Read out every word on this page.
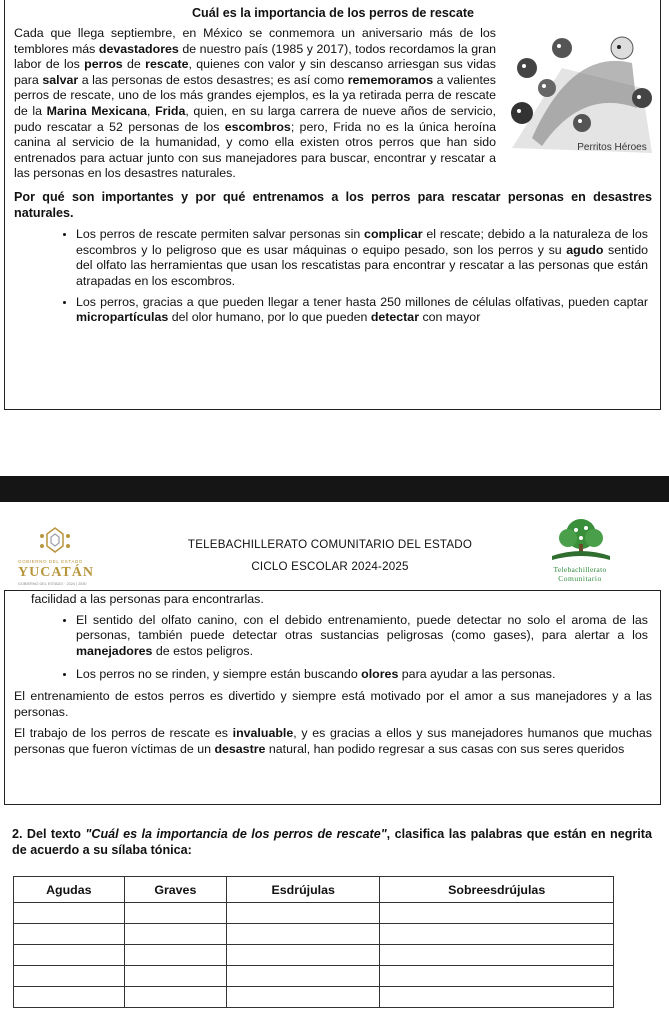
Cuál es la importancia de los perros de rescate
Perritos Héroes

Cada que llega septiembre, en México se conmemora un aniversario más de los temblores más devastadores de nuestro país (1985 y 2017), todos recordamos la gran labor de los perros de rescate, quienes con valor y sin descanso arriesgan sus vidas para salvar a las personas de estos desastres; es así como rememoramos a valientes perros de rescate, uno de los más grandes ejemplos, es la ya retirada perra de rescate de la Marina Mexicana, Frida, quien, en su larga carrera de nueve años de servicio, pudo rescatar a 52 personas de los escombros; pero, Frida no es la única heroína canina al servicio de la humanidad, y como ella existen otros perros que han sido entrenados para actuar junto con sus manejadores para buscar, encontrar y rescatar a las personas en los desastres naturales.

Por qué son importantes y por qué entrenamos a los perros para rescatar personas en desastres naturales.
• Los perros de rescate permiten salvar personas sin complicar el rescate; debido a la naturaleza de los escombros y lo peligroso que es usar máquinas o equipo pesado, son los perros y su agudo sentido del olfato las herramientas que usan los rescatistas para encontrar y rescatar a las personas que están atrapadas en los escombros.
• Los perros, gracias a que pueden llegar a tener hasta 250 millones de células olfativas, pueden captar micropartículas del olor humano, por lo que pueden detectar con mayor
GOBIERNO DEL ESTADO
YUCATÁN
GOBIERNO DEL ESTADO · 2024 | 2030
TELEBACHILLERATO COMUNITARIO DEL ESTADO
CICLO ESCOLAR 2024-2025	Telebachillerato
Comunitario

facilidad a las personas para encontrarlas.

• El sentido del olfato canino, con el debido entrenamiento, puede detectar no solo el aroma de las personas, también puede detectar otras sustancias peligrosas (como gases), para alertar a los manejadores de estos peligros.
• Los perros no se rinden, y siempre están buscando olores para ayudar a las personas.

El entrenamiento de estos perros es divertido y siempre está motivado por el amor a sus manejadores y a las personas.

El trabajo de los perros de rescate es invaluable, y es gracias a ellos y sus manejadores humanos que muchas personas que fueron víctimas de un desastre natural, han podido regresar a sus casas con sus seres queridos

2. Del texto "Cuál es la importancia de los perros de rescate", clasifica las palabras que están en negrita de acuerdo a su sílaba tónica:
Agudas	Graves	Esdrújulas	Sobreesdrújulas
